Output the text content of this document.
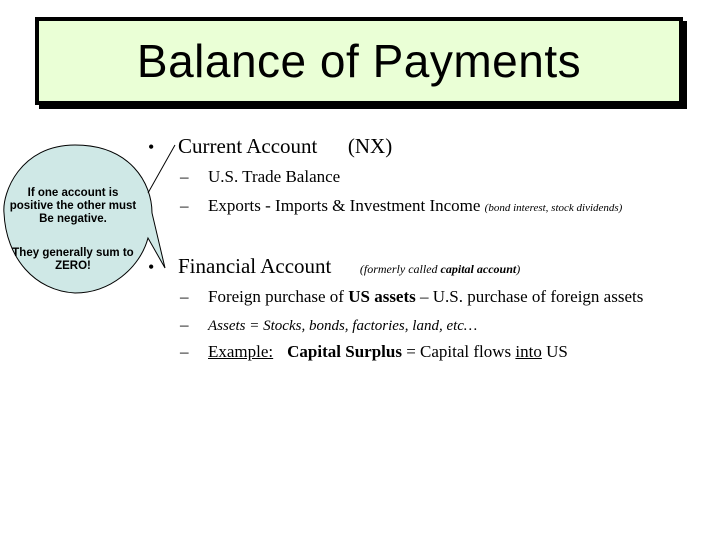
Balance of Payments
If one account is
positive the other must
Be negative.
They generally sum to
ZERO!
• Current Account (NX)
– U.S. Trade Balance
– Exports - Imports & Investment Income (bond interest, stock dividends)
• Financial Account (formerly called capital account)
– Foreign purchase of US assets – U.S. purchase of foreign assets
– Assets = Stocks, bonds, factories, land, etc…
– Example: Capital Surplus = Capital flows into US
